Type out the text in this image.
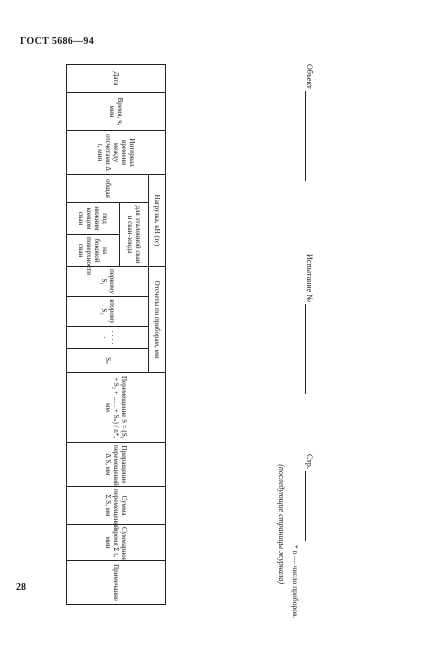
ГОСТ 5686—94
28
Объект
Испытание №
Стр.
(последующие страницы журнала)
Дата	Время, ч, мин	Интервал времени между отсчетами Δ t, мин	Нагрузка, кН (тс)			Отсчеты по приборам, мм				Перемещение S = (S₁ + S₂ + ...... + Sₙ) / n*, мм	Приращение перемещений Δ S, мм	Сумма перемещений Σ S, мм	Суммарное время Σ t, мин	Примечание
			общая	для эталонной сваи и сваи-зонда		первому S₁	второму S₂	· · · · ·	Sₙ					
				под нижним концом сваи	на боковой поверхности сваи									
* n — число приборов.
